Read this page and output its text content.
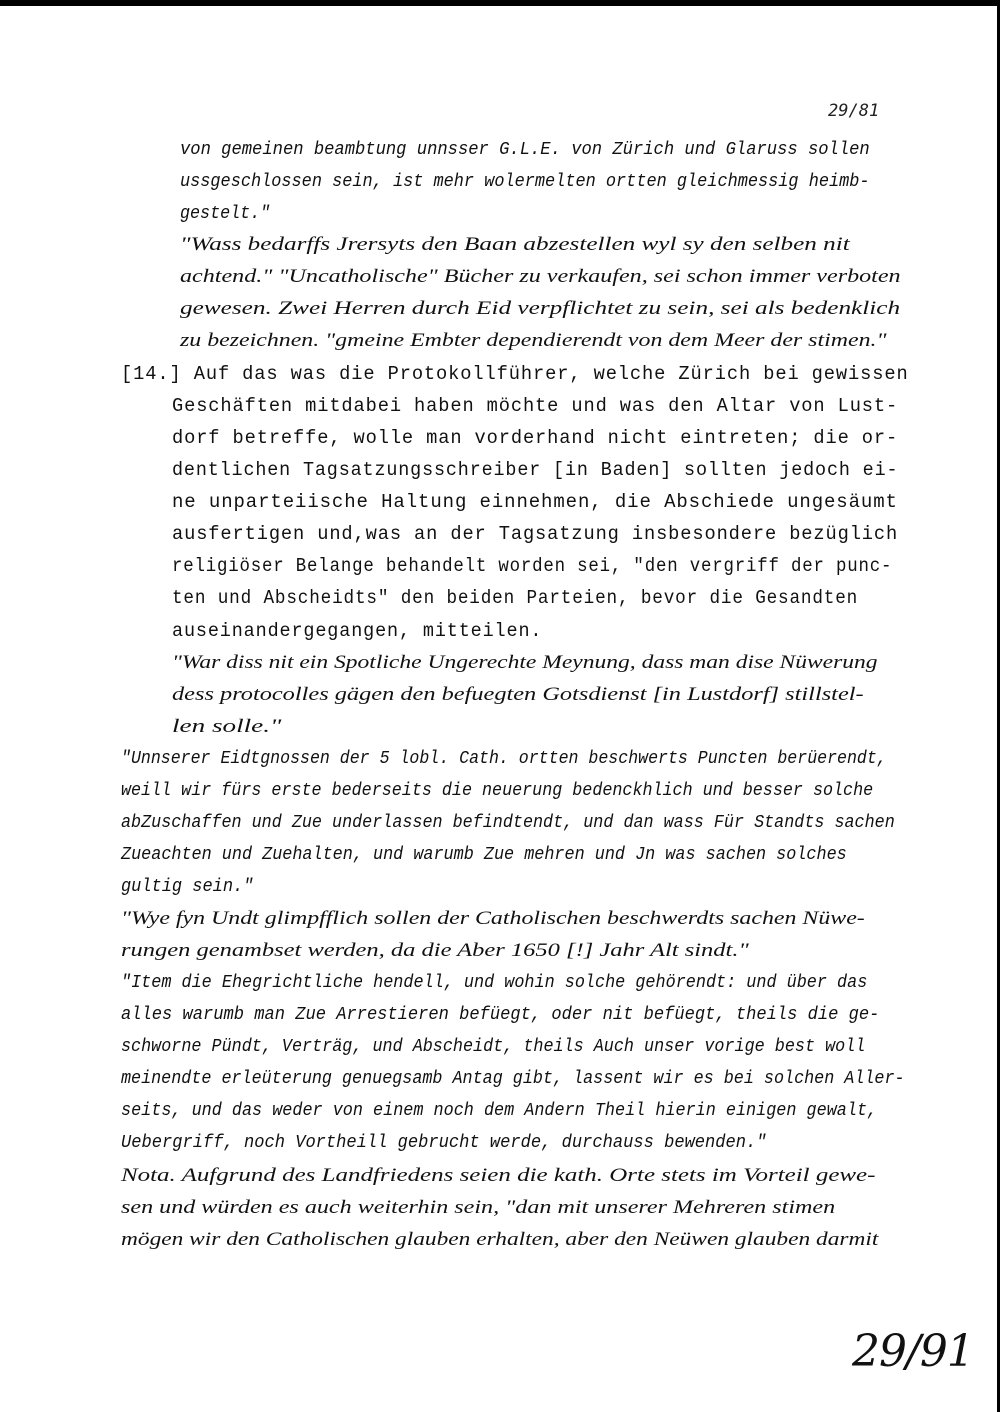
29/81
von gemeinen beambtung unnsser G.L.E. von Zürich und Glaruss sollen
ussgeschlossen sein, ist mehr wolermelten ortten gleichmessig heimb-
gestelt."
"Wass bedarffs Jrersyts den Baan abzestellen wyl sy den selben nit
achtend." "Uncatholische" Bücher zu verkaufen, sei schon immer verboten
gewesen. Zwei Herren durch Eid verpflichtet zu sein, sei als bedenklich
zu bezeichnen. "gmeine Embter dependierendt von dem Meer der stimen."
[14.] Auf das was die Protokollführer, welche Zürich bei gewissen
Geschäften mitdabei haben möchte und was den Altar von Lust-
dorf betreffe, wolle man vorderhand nicht eintreten; die or-
dentlichen Tagsatzungsschreiber [in Baden] sollten jedoch ei-
ne unparteiische Haltung einnehmen, die Abschiede ungesäumt
ausfertigen und,was an der Tagsatzung insbesondere bezüglich
religiöser Belange behandelt worden sei, "den vergriff der punc-
ten und Abscheidts" den beiden Parteien, bevor die Gesandten
auseinandergegangen, mitteilen.
"War diss nit ein Spotliche Ungerechte Meynung, dass man dise Nüwerung
dess protocolles gägen den befuegten Gotsdienst [in Lustdorf] stillstel-
len solle."
"Unnserer Eidtgnossen der 5 lobl. Cath. ortten beschwerts Puncten berüerendt,
weill wir fürs erste bederseits die neuerung bedenckhlich und besser solche
abZuschaffen und Zue underlassen befindtendt, und dan wass Für Standts sachen
Zueachten und Zuehalten, und warumb Zue mehren und Jn was sachen solches
gultig sein."
"Wye fyn Undt glimpfflich sollen der Catholischen beschwerdts sachen Nüwe-
rungen genambset werden, da die Aber 1650 [!] Jahr Alt sindt."
"Item die Ehegrichtliche hendell, und wohin solche gehörendt: und über das
alles warumb man Zue Arrestieren befüegt, oder nit befüegt, theils die ge-
schworne Pündt, Verträg, und Abscheidt, theils Auch unser vorige best woll
meinendte erleüterung genuegsamb Antag gibt, lassent wir es bei solchen Aller-
seits, und das weder von einem noch dem Andern Theil hierin einigen gewalt,
Uebergriff, noch Vortheill gebrucht werde, durchauss bewenden."
Nota. Aufgrund des Landfriedens seien die kath. Orte stets im Vorteil gewe-
sen und würden es auch weiterhin sein, "dan mit unserer Mehreren stimen
mögen wir den Catholischen glauben erhalten, aber den Neüwen glauben darmit
29/91
